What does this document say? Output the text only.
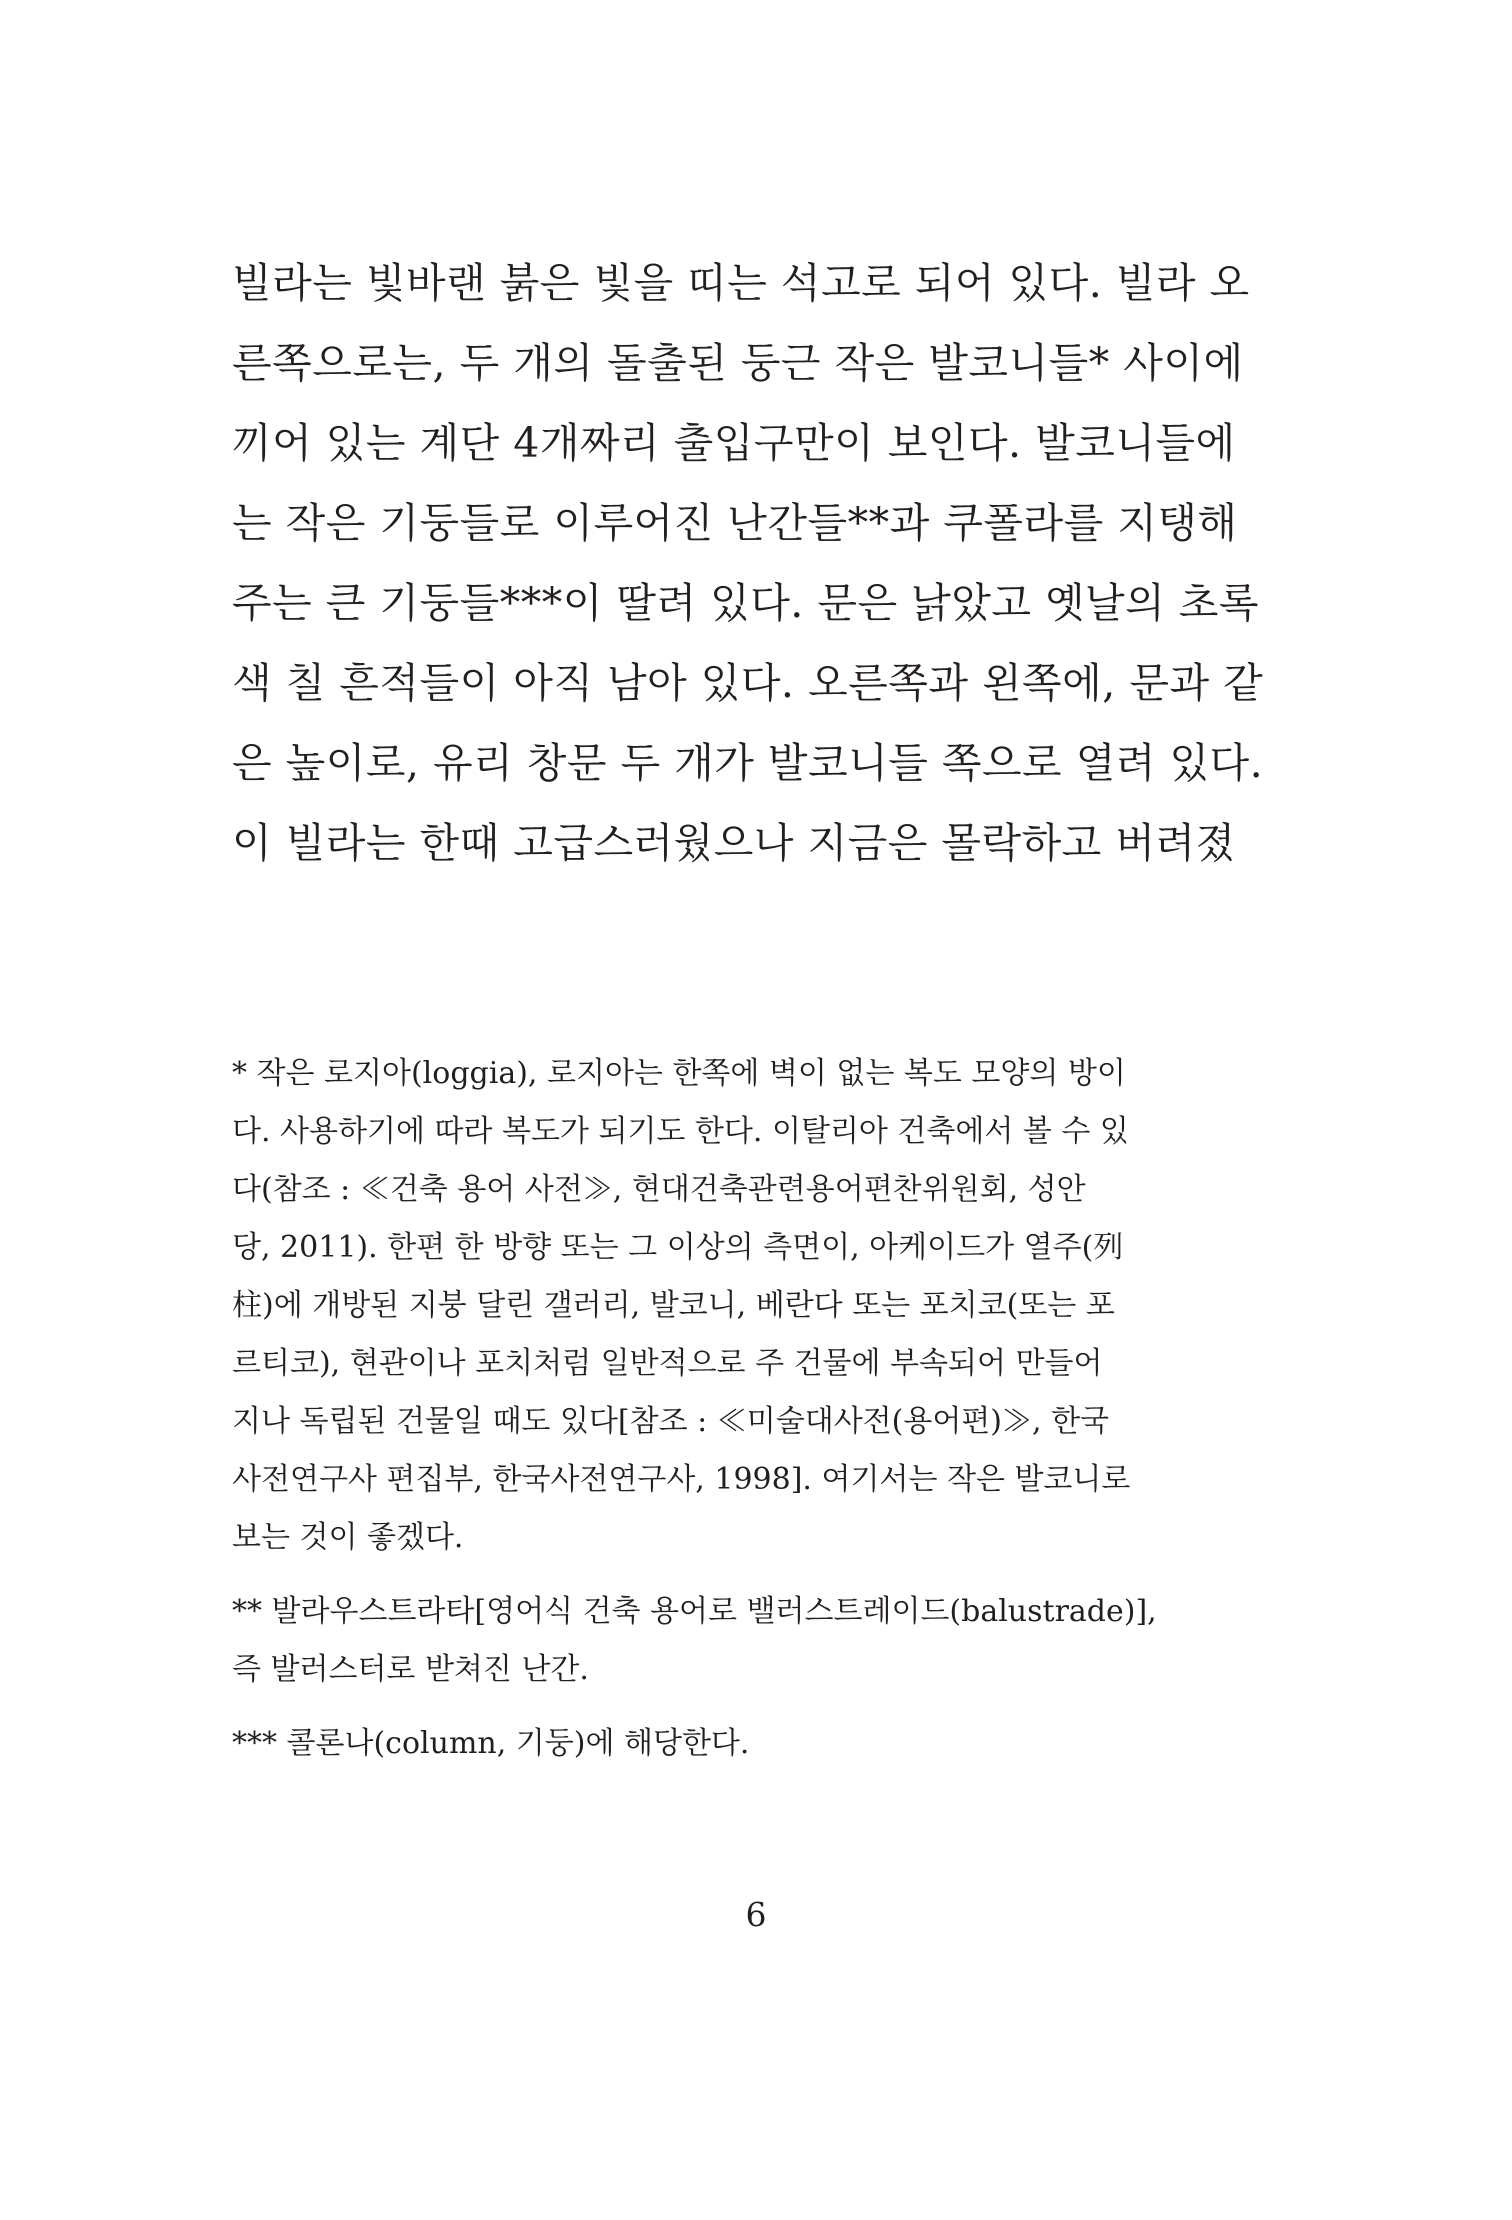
빌라는 빛바랜 붉은 빛을 띠는 석고로 되어 있다. 빌라 오
른쪽으로는, 두 개의 돌출된 둥근 작은 발코니들* 사이에
끼어 있는 계단 4개짜리 출입구만이 보인다. 발코니들에
는 작은 기둥들로 이루어진 난간들**과 쿠폴라를 지탱해
주는 큰 기둥들***이 딸려 있다. 문은 낡았고 옛날의 초록
색 칠 흔적들이 아직 남아 있다. 오른쪽과 왼쪽에, 문과 같
은 높이로, 유리 창문 두 개가 발코니들 쪽으로 열려 있다.
이 빌라는 한때 고급스러웠으나 지금은 몰락하고 버려졌
* 작은 로지아(loggia), 로지아는 한쪽에 벽이 없는 복도 모양의 방이
다. 사용하기에 따라 복도가 되기도 한다. 이탈리아 건축에서 볼 수 있
다(참조 : ≪건축 용어 사전≫, 현대건축관련용어편찬위원회, 성안
당, 2011). 한편 한 방향 또는 그 이상의 측면이, 아케이드가 열주(列
柱)에 개방된 지붕 달린 갤러리, 발코니, 베란다 또는 포치코(또는 포
르티코), 현관이나 포치처럼 일반적으로 주 건물에 부속되어 만들어
지나 독립된 건물일 때도 있다[참조 : ≪미술대사전(용어편)≫, 한국
사전연구사 편집부, 한국사전연구사, 1998]. 여기서는 작은 발코니로
보는 것이 좋겠다.
** 발라우스트라타[영어식 건축 용어로 밸러스트레이드(balustrade)],
즉 발러스터로 받쳐진 난간.
*** 콜론나(column, 기둥)에 해당한다.
6
